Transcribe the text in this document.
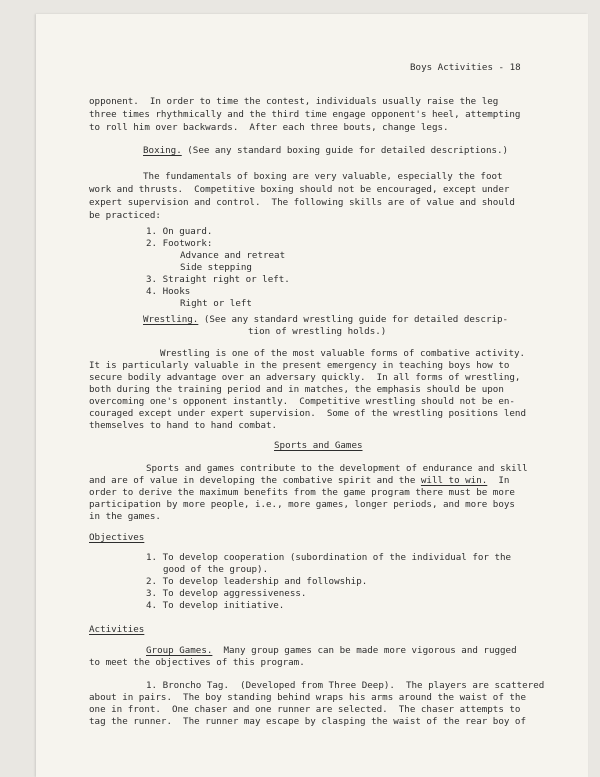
Boys Activities - 18

opponent.  In order to time the contest, individuals usually raise the leg

three times rhythmically and the third time engage opponent's heel, attempting

to roll him over backwards.  After each three bouts, change legs.

Boxing. (See any standard boxing guide for detailed descriptions.)

The fundamentals of boxing are very valuable, especially the foot

work and thrusts.  Competitive boxing should not be encouraged, except under

expert supervision and control.  The following skills are of value and should

be practiced:

1. On guard.

2. Footwork:

Advance and retreat

Side stepping

3. Straight right or left.

4. Hooks

Right or left

Wrestling. (See any standard wrestling guide for detailed descrip-

tion of wrestling holds.)

Wrestling is one of the most valuable forms of combative activity.

It is particularly valuable in the present emergency in teaching boys how to

secure bodily advantage over an adversary quickly.  In all forms of wrestling,

both during the training period and in matches, the emphasis should be upon

overcoming one's opponent instantly.  Competitive wrestling should not be en-

couraged except under expert supervision.  Some of the wrestling positions lend

themselves to hand to hand combat.

Sports and Games

Sports and games contribute to the development of endurance and skill

and are of value in developing the combative spirit and the will to win.  In

order to derive the maximum benefits from the game program there must be more

participation by more people, i.e., more games, longer periods, and more boys

in the games.

Objectives

1. To develop cooperation (subordination of the individual for the

good of the group).

2. To develop leadership and followship.

3. To develop aggressiveness.

4. To develop initiative.

Activities

Group Games.  Many group games can be made more vigorous and rugged

to meet the objectives of this program.

1. Broncho Tag.  (Developed from Three Deep).  The players are scattered

about in pairs.  The boy standing behind wraps his arms around the waist of the

one in front.  One chaser and one runner are selected.  The chaser attempts to

tag the runner.  The runner may escape by clasping the waist of the rear boy of
